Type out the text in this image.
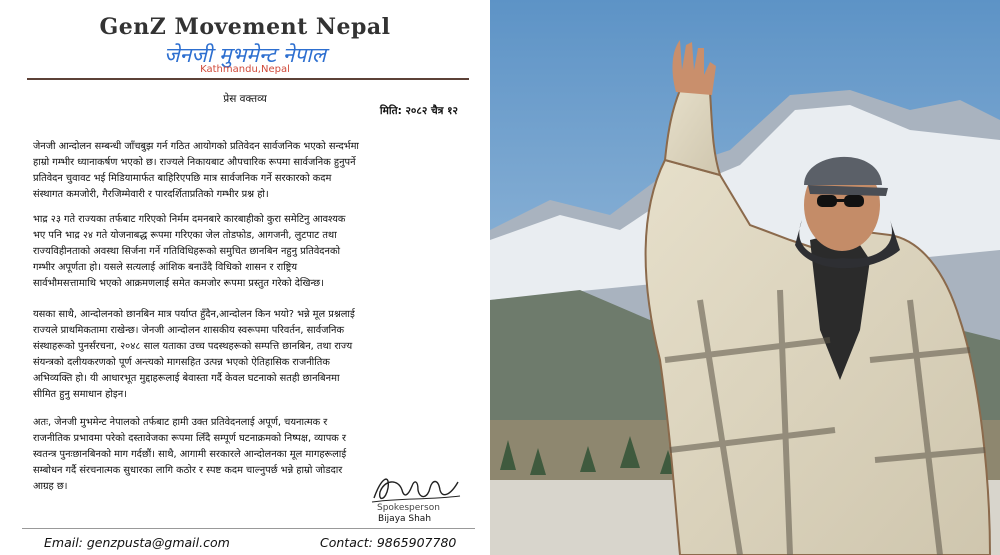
GenZ Movement Nepal
जेनजी मुभमेन्ट नेपाल
Kathmandu,Nepal
प्रेस वक्तव्य
मिति: २०८२ चैत्र १२
जेनजी आन्दोलन सम्बन्धी जाँचबुझ गर्न गठित आयोगको प्रतिवेदन सार्वजनिक भएको सन्दर्भमा
हाम्रो गम्भीर ध्यानाकर्षण भएको छ। राज्यले निकायबाट औपचारिक रूपमा सार्वजनिक हुनुपर्ने
प्रतिवेदन चुवावट भई मिडियामार्फत बाहिरिएपछि मात्र सार्वजनिक गर्ने सरकारको कदम
संस्थागत कमजोरी, गैरजिम्मेवारी र पारदर्शिताप्रतिको गम्भीर प्रश्न हो।
भाद्र २३ गते राज्यका तर्फबाट गरिएको निर्मम दमनबारे कारबाहीको कुरा समेटिनु आवश्यक
भए पनि भाद्र २४ गते योजनाबद्ध रूपमा गरिएका जेल तोडफोड, आगजनी, लुटपाट तथा
राज्यविहीनताको अवस्था सिर्जना गर्ने गतिविधिहरूको समुचित छानबिन नहुनु प्रतिवेदनको
गम्भीर अपूर्णता हो। यसले सत्यलाई आंशिक बनाउँदै विधिको शासन र राष्ट्रिय
सार्वभौमसत्तामाथि भएको आक्रमणलाई समेत कमजोर रूपमा प्रस्तुत गरेको देखिन्छ।
यसका साथै, आन्दोलनको छानबिन मात्र पर्याप्त हुँदैन,आन्दोलन किन भयो? भन्ने मूल प्रश्नलाई
राज्यले प्राथमिकतामा राखेन्छ। जेनजी आन्दोलन शासकीय स्वरूपमा परिवर्तन, सार्वजनिक
संस्थाहरूको पुनर्संरचना, २०४८ साल यताका उच्च पदस्थहरूको सम्पत्ति छानबिन, तथा राज्य
संयन्त्रको दलीयकरणको पूर्ण अन्त्यको मागसहित उत्पन्न भएको ऐतिहासिक राजनीतिक
अभिव्यक्ति हो। यी आधारभूत मुद्दाहरूलाई बेवास्ता गर्दै केवल घटनाको सतही छानबिनमा
सीमित हुनु समाधान होइन।
अतः, जेनजी मुभमेन्ट नेपालको तर्फबाट हामी उक्त प्रतिवेदनलाई अपूर्ण, चयनात्मक र
राजनीतिक प्रभावमा परेको दस्तावेजका रूपमा लिँदै सम्पूर्ण घटनाक्रमको निष्पक्ष, व्यापक र
स्वतन्त्र पुनःछानबिनको माग गर्दछौं। साथै, आगामी सरकारले आन्दोलनका मूल मागहरूलाई
सम्बोधन गर्दै संरचनात्मक सुधारका लागि कठोर र स्पष्ट कदम चाल्नुपर्छ भन्ने हाम्रो जोडदार
आग्रह छ।
Spokesperson
Bijaya Shah
Email: genzpusta@gmail.com	Contact: 9865907780
